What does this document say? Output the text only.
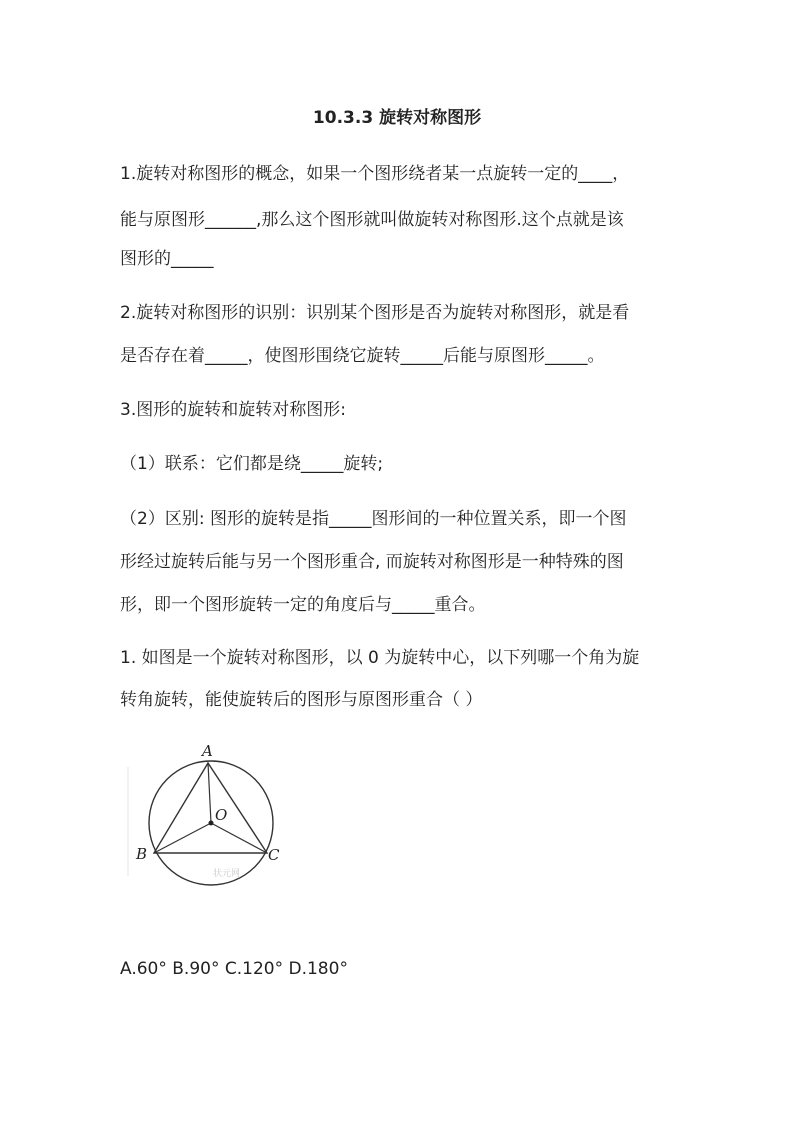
10.3.3 旋转对称图形
1.旋转对称图形的概念，如果一个图形绕者某一点旋转一定的____，
能与原图形______,那么这个图形就叫做旋转对称图形.这个点就是该
图形的_____
2.旋转对称图形的识别：识别某个图形是否为旋转对称图形，就是看
是否存在着_____，使图形围绕它旋转_____后能与原图形_____。
3.图形的旋转和旋转对称图形:
（1）联系：它们都是绕_____旋转;
（2）区别: 图形的旋转是指_____图形间的一种位置关系，即一个图
形经过旋转后能与另一个图形重合, 而旋转对称图形是一种特殊的图
形，即一个图形旋转一定的角度后与_____重合。
1. 如图是一个旋转对称图形，以 0 为旋转中心，以下列哪一个角为旋
转角旋转，能使旋转后的图形与原图形重合（ ）
A
B	C
O
状元网
A.60° B.90° C.120° D.180°
